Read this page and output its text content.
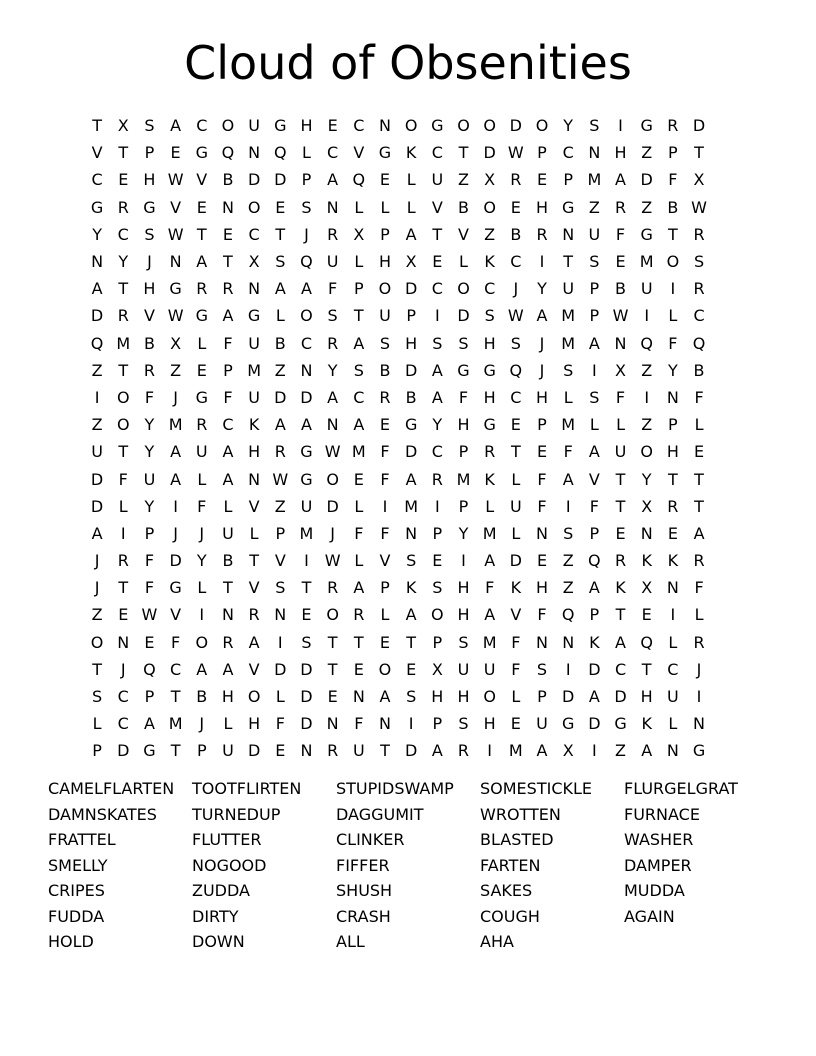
Cloud of Obsenities
T X S A C O U G H E C N O G O O D O Y	S	I	G R D
V T	P	E G Q N Q L	C V G K C T D W P C N H Z P	T
C E H W V B D D P A Q E	L U Z X R E	P M A D F	X
G R G V E N O E	S N L	L	L	V B O E H G Z R Z B W
Y C S W T	E C T	J	R X P A T V Z B R N U F G T R
N Y	J	N A T X S Q U L H X E	L	K C	I	T	S	E M O S
A T H G R R N A A	F	P O D C O C	J	Y U P B U	I	R
D R V W G A G L O S	T U P	I	D S W A M P W I	L	C
Q M B X	L	F U B C R A S H S	S H S	J	M A N Q F Q
Z T R Z E	P M Z N Y	S B D A G G Q	J	S	I	X Z Y B
I	O F	J	G F U D D A C R B A	F H C H L	S	F	I	N F
Z O Y M R C K A A N A E G Y H G E	P M L	L	Z P	L
U T	Y A U A H R G W M F D C P R T	E	F	A U O H E
D F U A	L	A N W G O E	F	A R M K	L	F	A V T	Y	T	T
D L	Y	I	F	L	V Z U D L	I	M	I	P	L U F	I	F	T X R T
A	I	P	J	J	U L	P M	J	F	F N P	Y M L N S	P	E N E A
J	R	F D Y B T V	I W L	V S	E	I	A D E Z Q R K K R
J	T	F G L	T V S	T R A P	K S H F	K H Z A K X N F
Z E W V	I	N R N E O R	L	A O H A V	F Q P	T	E	I	L
O N E	F O R A	I	S	T	T	E	T	P	S M F N N K A Q L	R
T	J	Q C A A V D D T	E O E X U U F	S	I	D C T C	J
S C P	T B H O L D E N A S H H O L	P D A D H U	I
L	C A M	J	L H F D N F N	I	P	S H E U G D G K	L N
P D G T	P U D E N R U T D A R	I	M A X	I	Z A N G
CAMELFLARTEN	TOOTFLIRTEN	STUPIDSWAMP	SOMESTICKLE	FLURGELGRAT
DAMNSKATES	TURNEDUP	DAGGUMIT	WROTTEN	FURNACE
FRATTEL	FLUTTER	CLINKER	BLASTED	WASHER
SMELLY	NOGOOD	FIFFER	FARTEN	DAMPER
CRIPES	ZUDDA	SHUSH	SAKES	MUDDA
FUDDA	DIRTY	CRASH	COUGH	AGAIN
HOLD	DOWN	ALL	AHA
